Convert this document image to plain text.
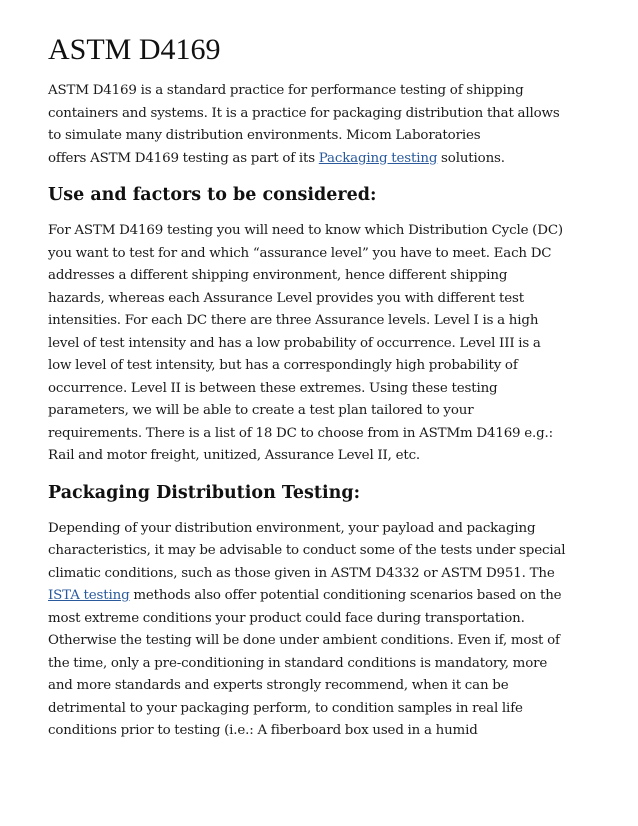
ASTM D4169

ASTM D4169 is a standard practice for performance testing of shipping
containers and systems. It is a practice for packaging distribution that allows
to simulate many distribution environments. Micom Laboratories
offers ASTM D4169 testing as part of its Packaging testing solutions.

Use and factors to be considered:

For ASTM D4169 testing you will need to know which Distribution Cycle (DC)
you want to test for and which “assurance level” you have to meet. Each DC
addresses a different shipping environment, hence different shipping
hazards, whereas each Assurance Level provides you with different test
intensities. For each DC there are three Assurance levels. Level I is a high
level of test intensity and has a low probability of occurrence. Level III is a
low level of test intensity, but has a correspondingly high probability of
occurrence. Level II is between these extremes. Using these testing
parameters, we will be able to create a test plan tailored to your
requirements. There is a list of 18 DC to choose from in ASTMm D4169 e.g.:
Rail and motor freight, unitized, Assurance Level II, etc.

Packaging Distribution Testing:

Depending of your distribution environment, your payload and packaging
characteristics, it may be advisable to conduct some of the tests under special
climatic conditions, such as those given in ASTM D4332 or ASTM D951. The
ISTA testing methods also offer potential conditioning scenarios based on the
most extreme conditions your product could face during transportation.
Otherwise the testing will be done under ambient conditions. Even if, most of
the time, only a pre-conditioning in standard conditions is mandatory, more
and more standards and experts strongly recommend, when it can be
detrimental to your packaging perform, to condition samples in real life
conditions prior to testing (i.e.: A fiberboard box used in a humid
